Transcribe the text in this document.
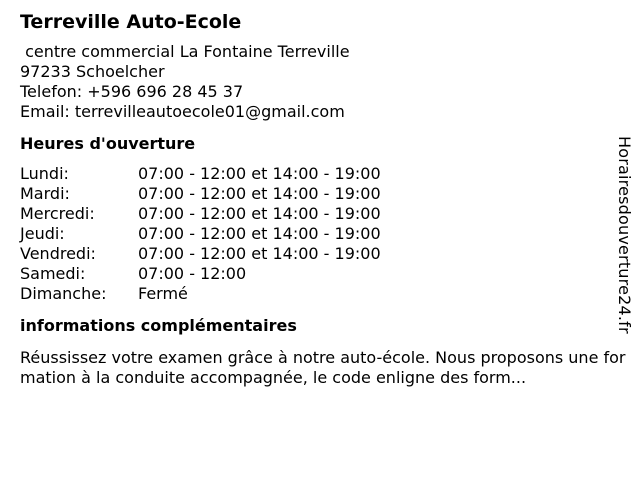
Terreville Auto-Ecole
centre commercial La Fontaine Terreville
97233 Schoelcher
Telefon: +596 696 28 45 37
Email: terrevilleautoecole01@gmail.com
Heures d'ouverture
Lundi:	07:00 - 12:00 et 14:00 - 19:00
Mardi:	07:00 - 12:00 et 14:00 - 19:00
Mercredi:	07:00 - 12:00 et 14:00 - 19:00
Jeudi:	07:00 - 12:00 et 14:00 - 19:00
Vendredi:	07:00 - 12:00 et 14:00 - 19:00
Samedi:	07:00 - 12:00
Dimanche:	Fermé
informations complémentaires
Réussissez votre examen grâce à notre auto-école. Nous proposons une formation à la conduite accompagnée, le code enligne des form...
Horairesdouverture24.fr
